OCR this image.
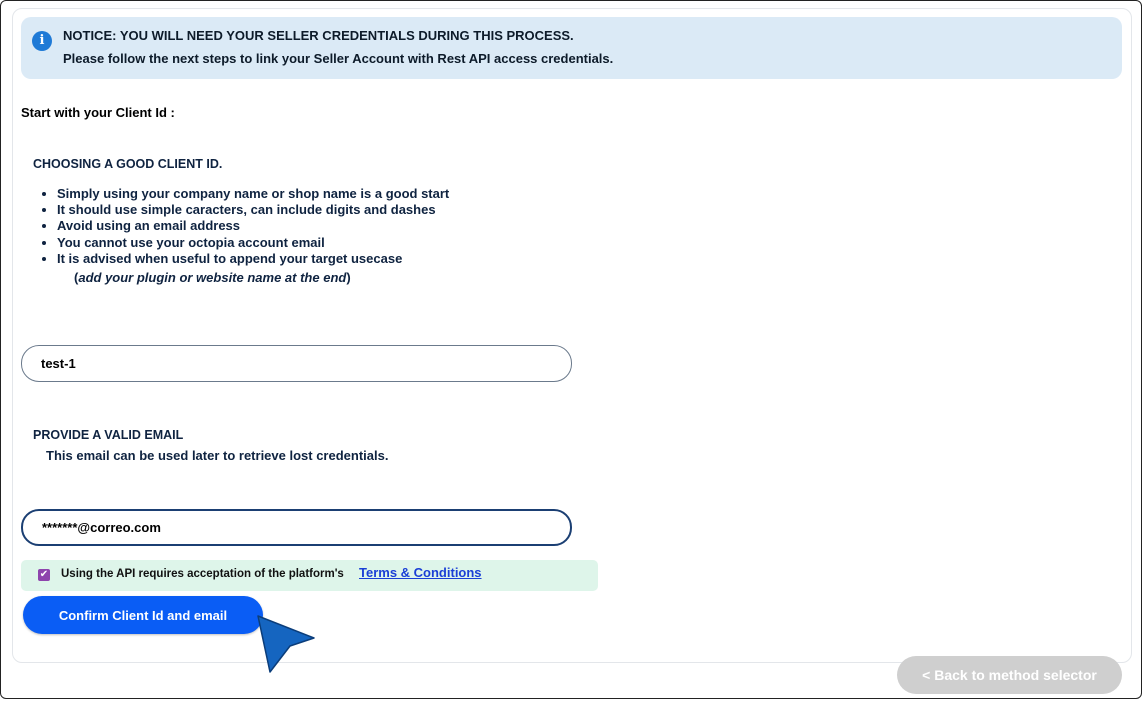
i	NOTICE: YOU WILL NEED YOUR SELLER CREDENTIALS DURING THIS PROCESS.
Please follow the next steps to link your Seller Account with Rest API access credentials.
Start with your Client Id :
CHOOSING A GOOD CLIENT ID.
• Simply using your company name or shop name is a good start
• It should use simple caracters, can include digits and dashes
• Avoid using an email address
• You cannot use your octopia account email
• It is advised when useful to append your target usecase
(add your plugin or website name at the end)
test-1
PROVIDE A VALID EMAIL
This email can be used later to retrieve lost credentials.
*******@correo.com
✔ Using the API requires acceptation of the platform's Terms & Conditions
Confirm Client Id and email
< Back to method selector
